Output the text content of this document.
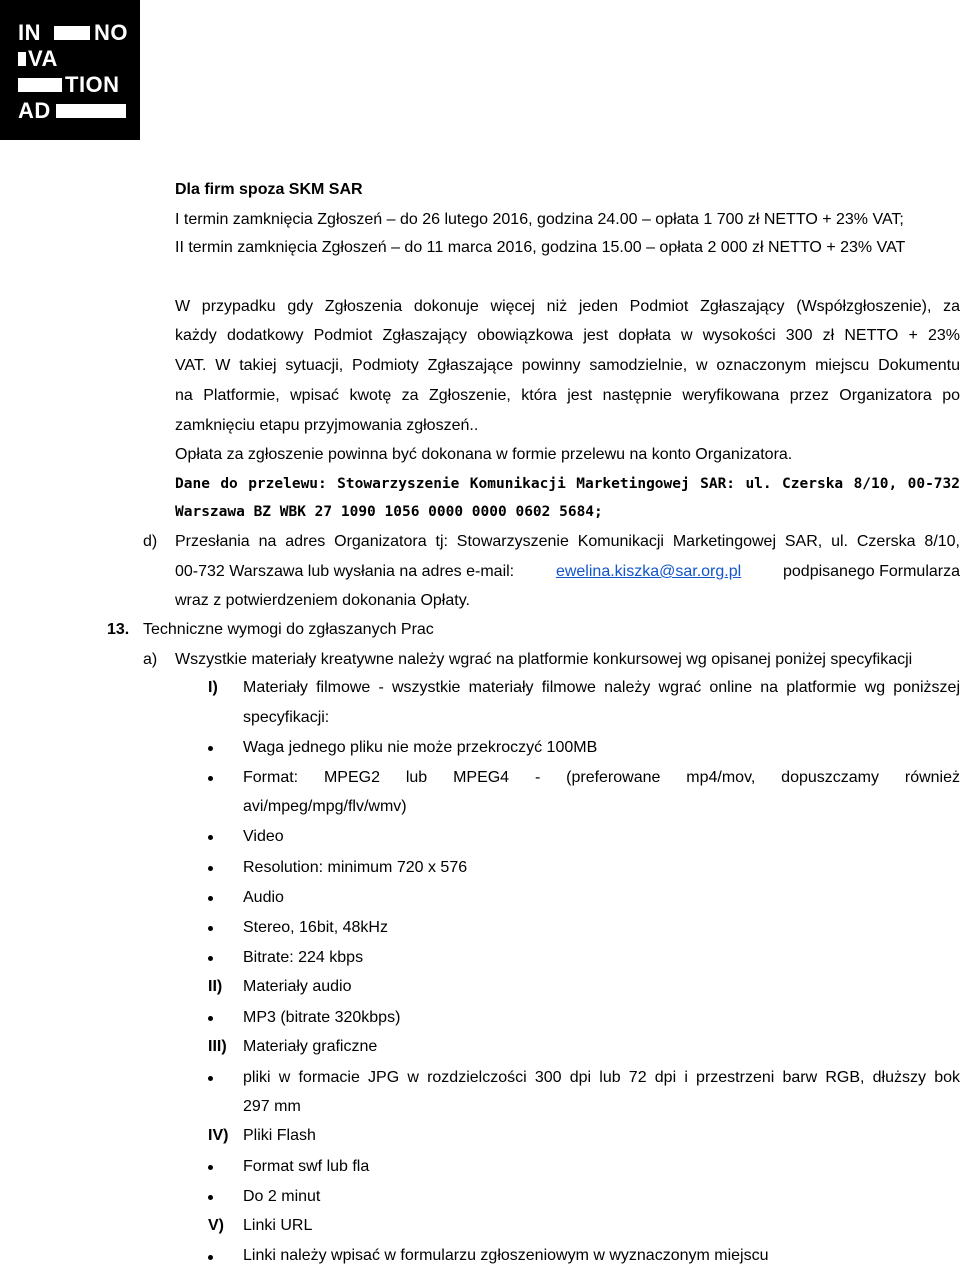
IN NO
VA
TION
AD
Dla firm spoza SKM SAR
I termin zamknięcia Zgłoszeń – do 26 lutego 2016, godzina 24.00 – opłata 1 700 zł NETTO + 23% VAT;
II termin zamknięcia Zgłoszeń – do 11 marca 2016, godzina 15.00 – opłata 2 000 zł NETTO + 23% VAT
W przypadku gdy Zgłoszenia dokonuje więcej niż jeden Podmiot Zgłaszający (Współzgłoszenie), za
każdy dodatkowy Podmiot Zgłaszający obowiązkowa jest dopłata w wysokości 300 zł NETTO + 23%
VAT. W takiej sytuacji, Podmioty Zgłaszające powinny samodzielnie, w oznaczonym miejscu Dokumentu
na Platformie, wpisać kwotę za Zgłoszenie, która jest następnie weryfikowana przez Organizatora po
zamknięciu etapu przyjmowania zgłoszeń..
Opłata za zgłoszenie powinna być dokonana w formie przelewu na konto Organizatora.
Dane do przelewu: Stowarzyszenie Komunikacji Marketingowej SAR: ul. Czerska 8/10, 00-732
Warszawa BZ WBK 27 1090 1056 0000 0000 0602 5684;
d) Przesłania na adres Organizatora tj: Stowarzyszenie Komunikacji Marketingowej SAR, ul. Czerska 8/10,
00-732 Warszawa lub wysłania na adres e-mail:	ewelina.kiszka@sar.org.pl	podpisanego Formularza
wraz z potwierdzeniem dokonania Opłaty.
13. Techniczne wymogi do zgłaszanych Prac
a) Wszystkie materiały kreatywne należy wgrać na platformie konkursowej wg opisanej poniżej specyfikacji
I) Materiały filmowe - wszystkie materiały filmowe należy wgrać online na platformie wg poniższej
specyfikacji:
Waga jednego pliku nie może przekroczyć 100MB
Format: MPEG2 lub MPEG4 - (preferowane mp4/mov, dopuszczamy również
avi/mpeg/mpg/flv/wmv)
Video
Resolution: minimum 720 x 576
Audio
Stereo, 16bit, 48kHz
Bitrate: 224 kbps
II) Materiały audio
MP3 (bitrate 320kbps)
III) Materiały graficzne
pliki w formacie JPG w rozdzielczości 300 dpi lub 72 dpi i przestrzeni barw RGB, dłuższy bok
297 mm
IV) Pliki Flash
Format swf lub fla
Do 2 minut
V) Linki URL
Linki należy wpisać w formularzu zgłoszeniowym w wyznaczonym miejscu
